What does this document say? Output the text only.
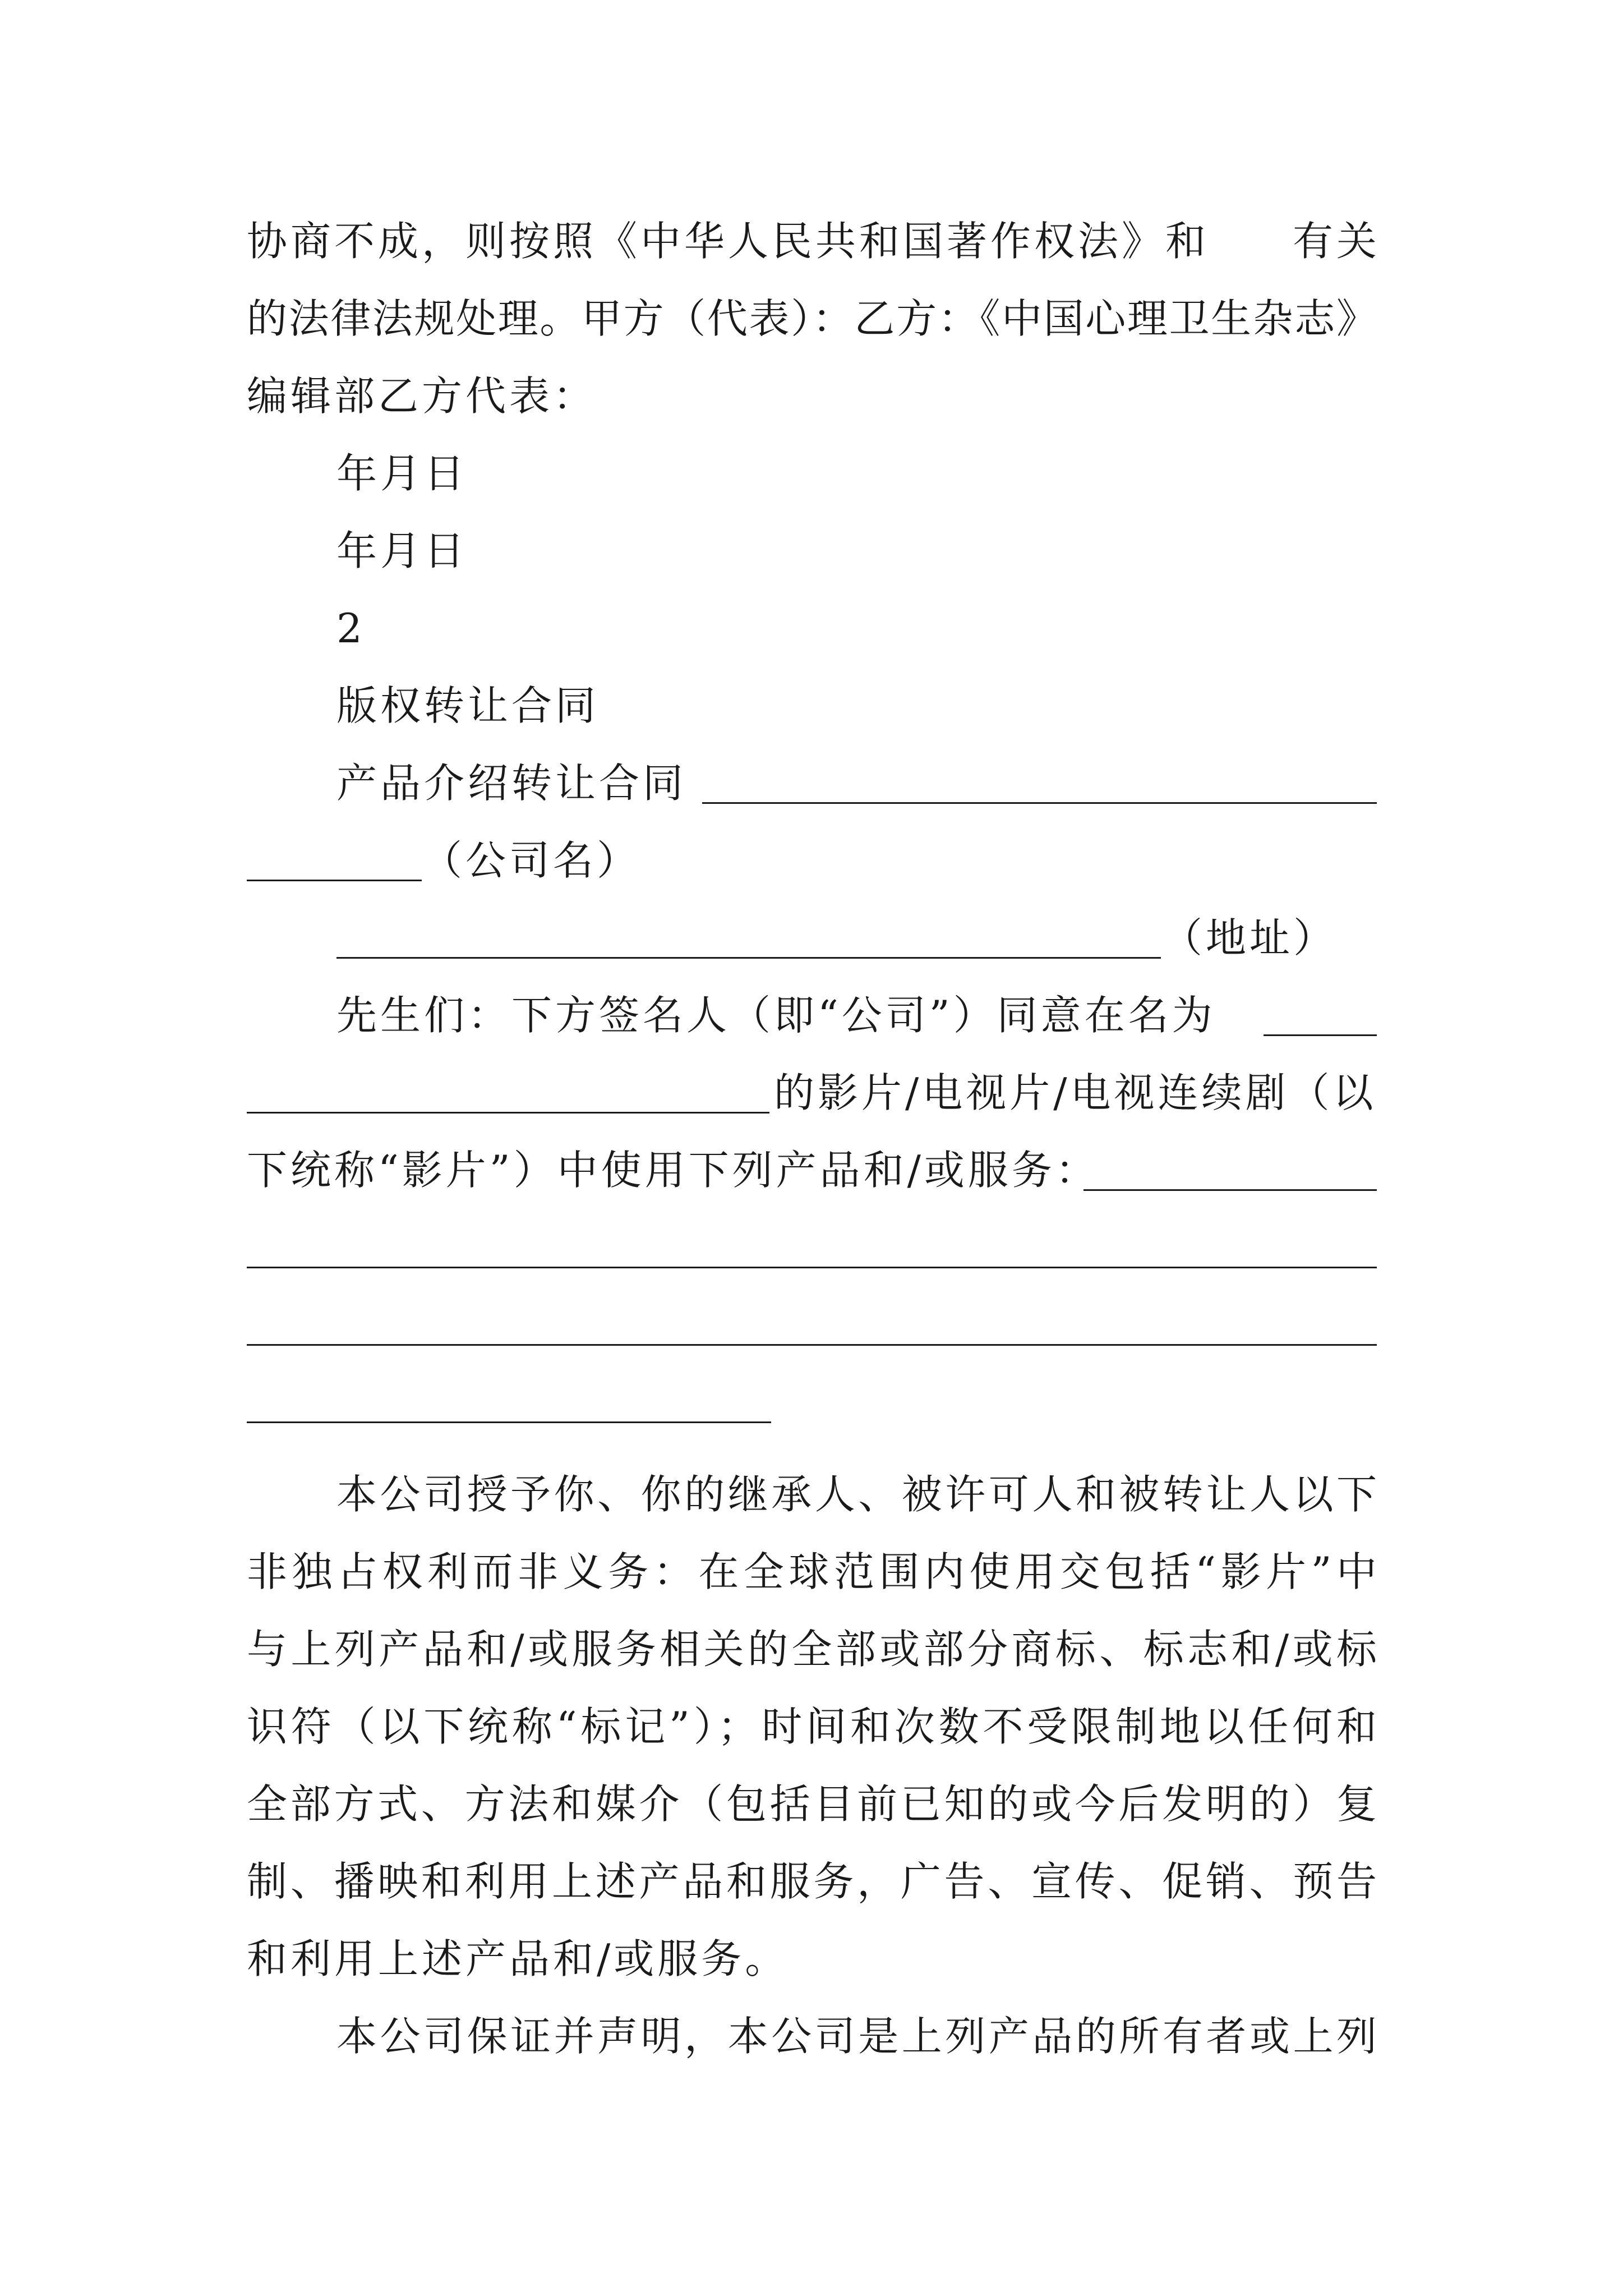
协商不成，则按照《中华人民共和国著作权法》和 有关
的法律法规处理。甲方（代表）：乙方：《中国心理卫生杂志》
编辑部乙方代表：
年月日
年月日
2
版权转让合同
产品介绍转让合同
（公司名）
（地址）
先生们：下方签名人（即“公司”）同意在名为
的影片/电视片/电视连续剧（以
下统称“影片”）中使用下列产品和/或服务：
本公司授予你、你的继承人、被许可人和被转让人以下
非独占权利而非义务：在全球范围内使用交包括“影片”中
与上列产品和/或服务相关的全部或部分商标、标志和/或标
识符（以下统称“标记”）；时间和次数不受限制地以任何和
全部方式、方法和媒介（包括目前已知的或今后发明的）复
制、播映和利用上述产品和服务，广告、宣传、促销、预告
和利用上述产品和/或服务。
本公司保证并声明，本公司是上列产品的所有者或上列
